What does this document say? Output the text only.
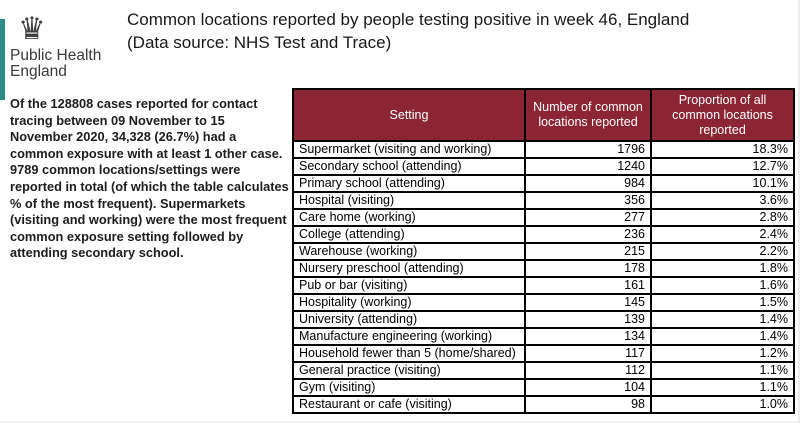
♛
Public Health
England
Common locations reported by people testing positive in week 46, England
(Data source: NHS Test and Trace)

Of the 128808 cases reported for contact tracing between 09 November to 15 November 2020, 34,328 (26.7%) had a common exposure with at least 1 other case. 9789 common locations/settings were reported in total (of which the table calculates % of the most frequent). Supermarkets (visiting and working) were the most frequent common exposure setting followed by attending secondary school.

Setting	Number of common locations reported	Proportion of all common locations reported
Supermarket (visiting and working)	1796	18.3%
Secondary school (attending)	1240	12.7%
Primary school (attending)	984	10.1%
Hospital (visiting)	356	3.6%
Care home (working)	277	2.8%
College (attending)	236	2.4%
Warehouse (working)	215	2.2%
Nursery preschool (attending)	178	1.8%
Pub or bar (visiting)	161	1.6%
Hospitality (working)	145	1.5%
University (attending)	139	1.4%
Manufacture engineering (working)	134	1.4%
Household fewer than 5 (home/shared)	117	1.2%
General practice (visiting)	112	1.1%
Gym (visiting)	104	1.1%
Restaurant or cafe (visiting)	98	1.0%
